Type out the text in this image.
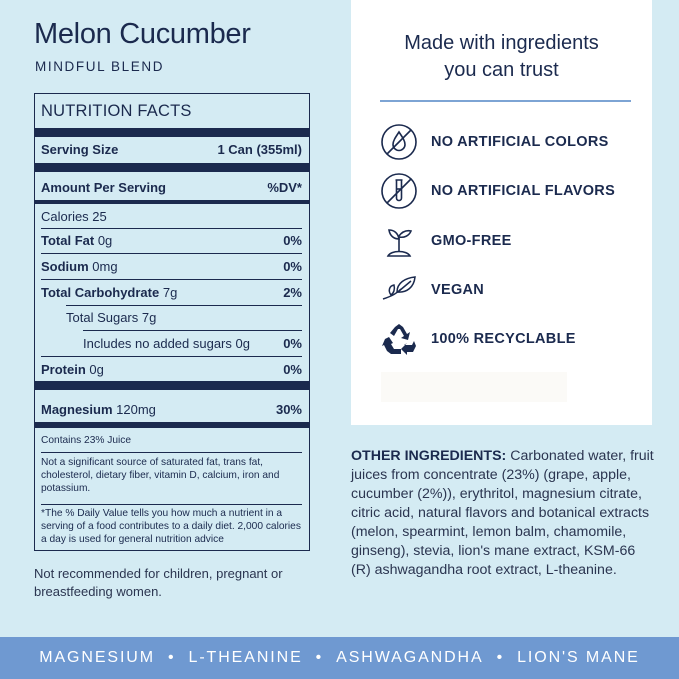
Melon Cucumber
MINDFUL BLEND
NUTRITION FACTS
Serving Size	1 Can (355ml)
Amount Per Serving	%DV*
Calories 25
Total Fat 0g	0%
Sodium 0mg	0%
Total Carbohydrate 7g	2%
Total Sugars 7g
Includes no added sugars 0g	0%
Protein 0g	0%
Magnesium 120mg	30%
Contains 23% Juice
Not a significant source of saturated fat, trans fat, cholesterol, dietary fiber, vitamin D, calcium, iron and potassium.
*The % Daily Value tells you how much a nutrient in a serving of a food contributes to a daily diet. 2,000 calories a day is used for general nutrition advice
Not recommended for children, pregnant or breastfeeding women.
Made with ingredients
you can trust
NO ARTIFICIAL COLORS
NO ARTIFICIAL FLAVORS
GMO-FREE
VEGAN
100% RECYCLABLE
OTHER INGREDIENTS: Carbonated water, fruit juices from concentrate (23%) (grape, apple, cucumber (2%)), erythritol, magnesium citrate, citric acid, natural flavors and botanical extracts (melon, spearmint, lemon balm, chamomile, ginseng), stevia, lion's mane extract, KSM-66 (R) ashwagandha root extract, L-theanine.
MAGNESIUM • L-THEANINE • ASHWAGANDHA • LION'S MANE
